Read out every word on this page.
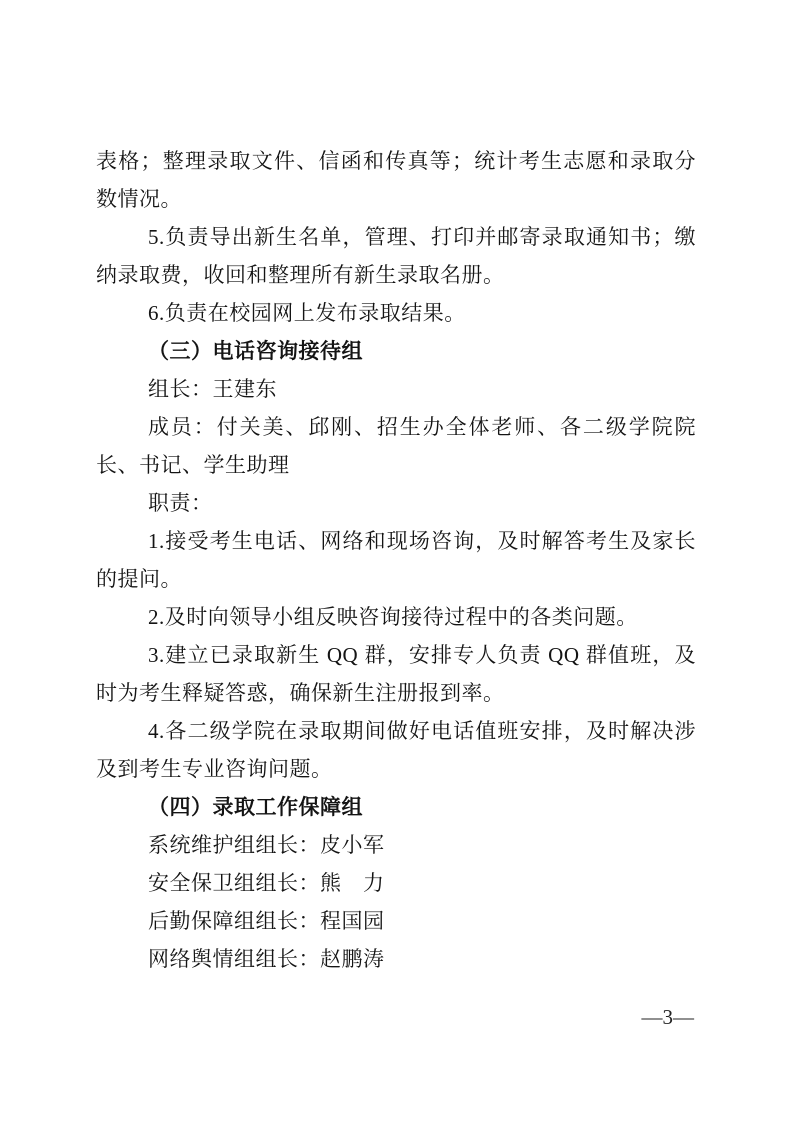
表格；整理录取文件、信函和传真等；统计考生志愿和录取分数情况。

5.负责导出新生名单，管理、打印并邮寄录取通知书；缴纳录取费，收回和整理所有新生录取名册。

6.负责在校园网上发布录取结果。

（三）电话咨询接待组

组长：王建东

成员：付关美、邱刚、招生办全体老师、各二级学院院长、书记、学生助理

职责：

1.接受考生电话、网络和现场咨询，及时解答考生及家长的提问。

2.及时向领导小组反映咨询接待过程中的各类问题。

3.建立已录取新生 QQ 群，安排专人负责 QQ 群值班，及时为考生释疑答惑，确保新生注册报到率。

4.各二级学院在录取期间做好电话值班安排，及时解决涉及到考生专业咨询问题。

（四）录取工作保障组

系统维护组组长：皮小军

安全保卫组组长：熊　力

后勤保障组组长：程国园

网络舆情组组长：赵鹏涛

—3—
